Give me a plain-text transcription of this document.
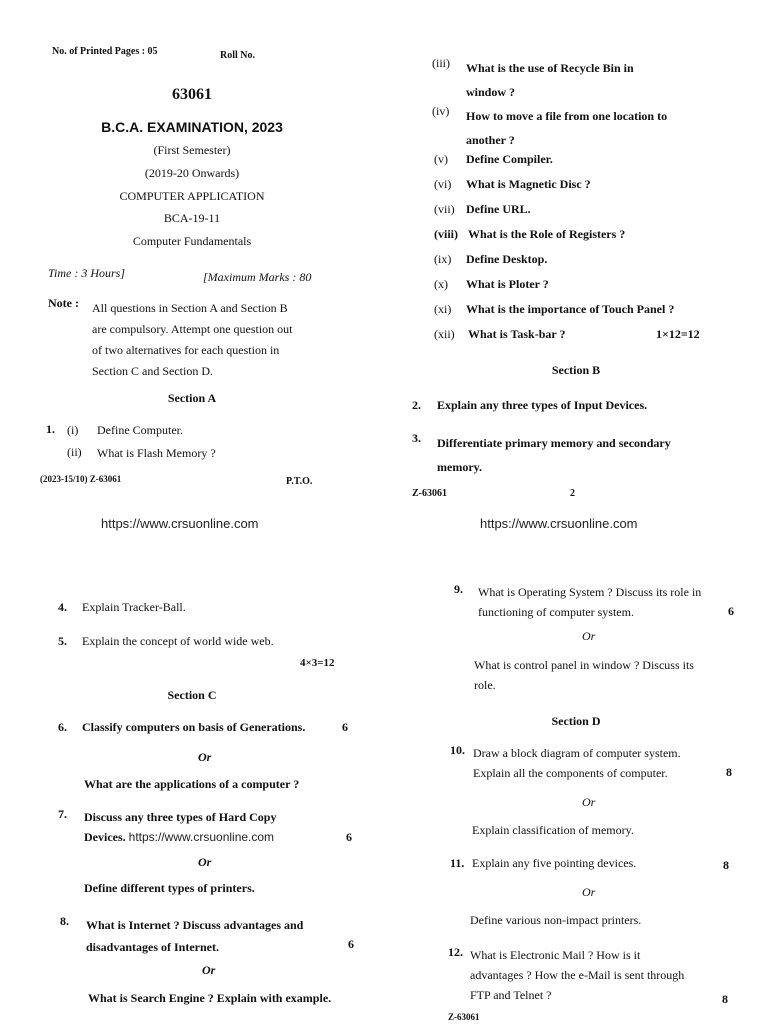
No. of Printed Pages : 05	Roll No.
63061
B.C.A. EXAMINATION, 2023
(First Semester)
(2019-20 Onwards)
COMPUTER APPLICATION
BCA-19-11
Computer Fundamentals
Time : 3 Hours]	[Maximum Marks : 80
Note : All questions in Section A and Section B
are compulsory. Attempt one question out
of two alternatives for each question in
Section C and Section D.
Section A
1. (i) Define Computer.
(ii) What is Flash Memory ?
(2023-15/10) Z-63061	P.T.O.
https://www.crsuonline.com
(iii) What is the use of Recycle Bin in
window ?
(iv) How to move a file from one location to
another ?
(v) Define Compiler.
(vi) What is Magnetic Disc ?
(vii) Define URL.
(viii) What is the Role of Registers ?
(ix) Define Desktop.
(x) What is Ploter ?
(xi) What is the importance of Touch Panel ?
(xii) What is Task-bar ?	1×12=12
Section B
2. Explain any three types of Input Devices.
3. Differentiate primary memory and secondary
memory.
Z-63061	2
https://www.crsuonline.com
4. Explain Tracker-Ball.
5. Explain the concept of world wide web.
4×3=12
Section C
6. Classify computers on basis of Generations.	6
Or
What are the applications of a computer ?
7. Discuss any three types of Hard Copy
Devices. https://www.crsuonline.com	6
Or
Define different types of printers.
8. What is Internet ? Discuss advantages and
disadvantages of Internet.	6
Or
What is Search Engine ? Explain with example.
9. What is Operating System ? Discuss its role in
functioning of computer system.	6
Or
What is control panel in window ? Discuss its
role.
Section D
10. Draw a block diagram of computer system.
Explain all the components of computer.	8
Or
Explain classification of memory.
11. Explain any five pointing devices.	8
Or
Define various non-impact printers.
12. What is Electronic Mail ? How is it
advantages ? How the e-Mail is sent through
FTP and Telnet ?	8
Z-63061
